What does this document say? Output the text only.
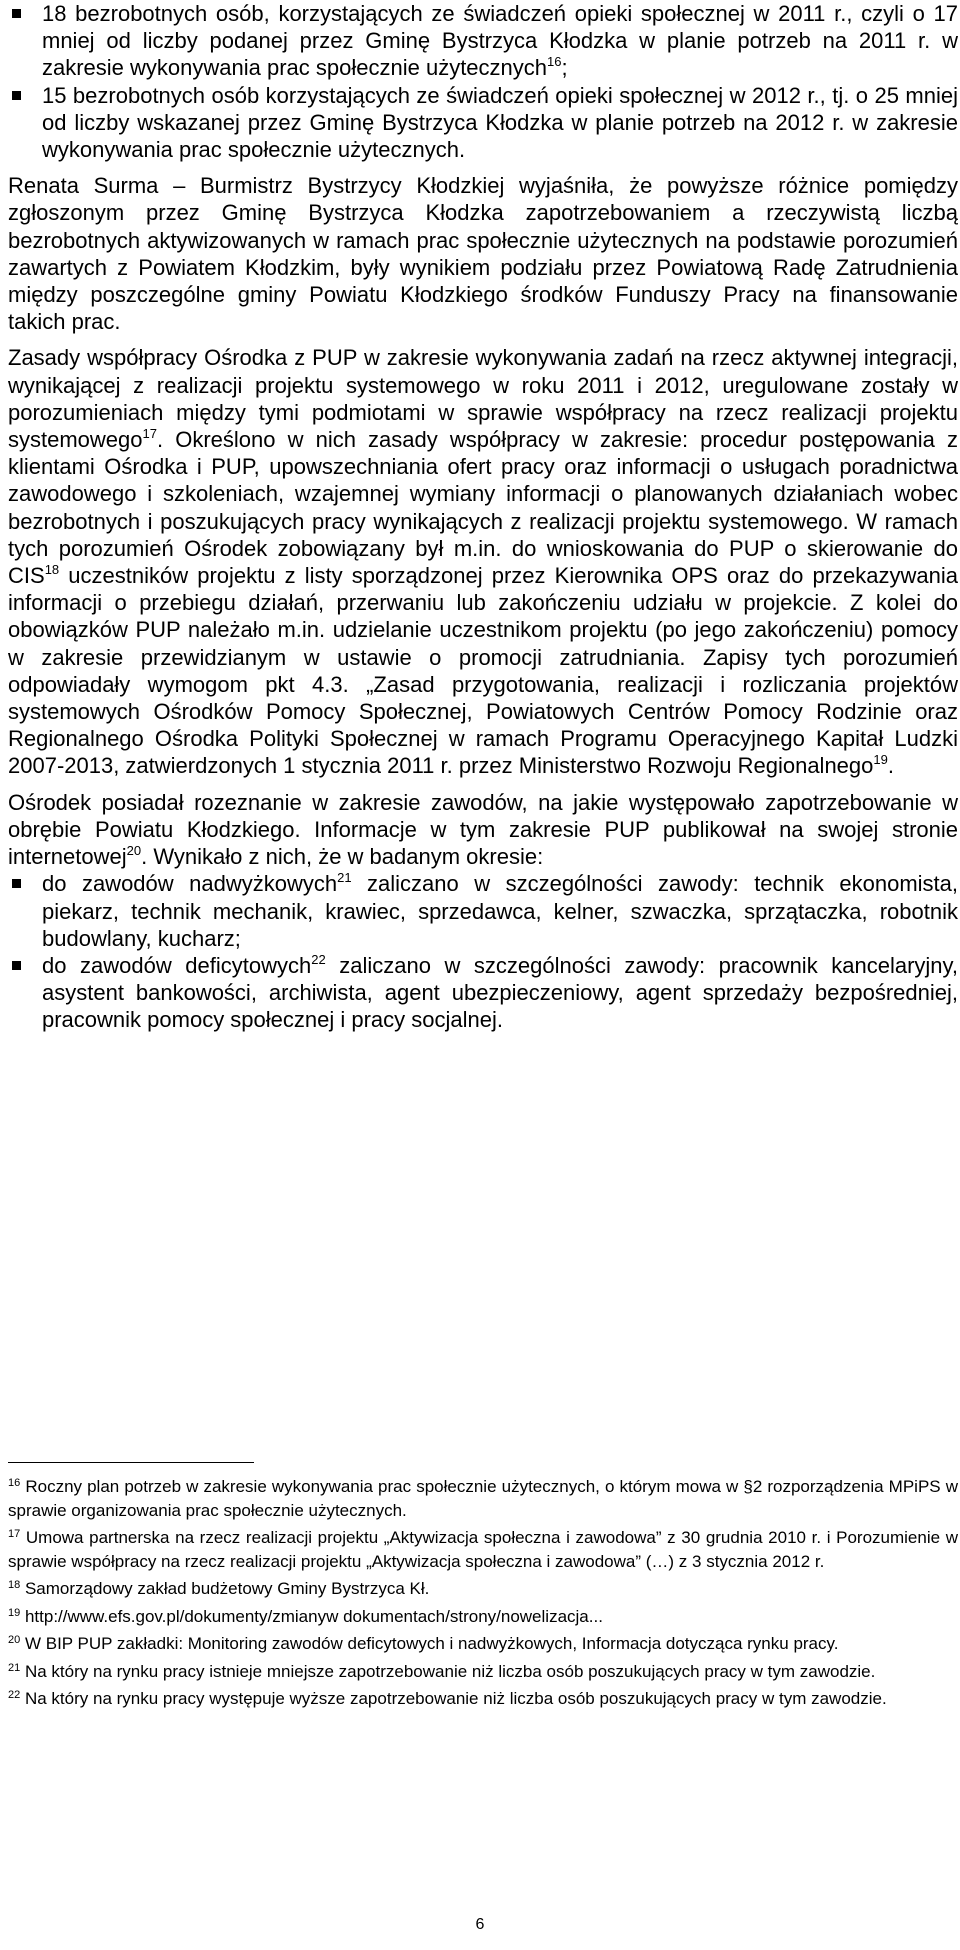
18 bezrobotnych osób, korzystających ze świadczeń opieki społecznej w 2011 r., czyli o 17 mniej od liczby podanej przez Gminę Bystrzyca Kłodzka w planie potrzeb na 2011 r. w zakresie wykonywania prac społecznie użytecznych$^{16}$;
15 bezrobotnych osób korzystających ze świadczeń opieki społecznej w 2012 r., tj. o 25 mniej od liczby wskazanej przez Gminę Bystrzyca Kłodzka w planie potrzeb na 2012 r. w zakresie wykonywania prac społecznie użytecznych.

Renata Surma – Burmistrz Bystrzycy Kłodzkiej wyjaśniła, że powyższe różnice pomiędzy zgłoszonym przez Gminę Bystrzyca Kłodzka zapotrzebowaniem a rzeczywistą liczbą bezrobotnych aktywizowanych w ramach prac społecznie użytecznych na podstawie porozumień zawartych z Powiatem Kłodzkim, były wynikiem podziału przez Powiatową Radę Zatrudnienia między poszczególne gminy Powiatu Kłodzkiego środków Funduszy Pracy na finansowanie takich prac.

Zasady współpracy Ośrodka z PUP w zakresie wykonywania zadań na rzecz aktywnej integracji, wynikającej z realizacji projektu systemowego w roku 2011 i 2012, uregulowane zostały w porozumieniach między tymi podmiotami w sprawie współpracy na rzecz realizacji projektu systemowego$^{17}$. Określono w nich zasady współpracy w zakresie: procedur postępowania z klientami Ośrodka i PUP, upowszechniania ofert pracy oraz informacji o usługach poradnictwa zawodowego i szkoleniach, wzajemnej wymiany informacji o planowanych działaniach wobec bezrobotnych i poszukujących pracy wynikających z realizacji projektu systemowego. W ramach tych porozumień Ośrodek zobowiązany był m.in. do wnioskowania do PUP o skierowanie do CIS$^{18}$ uczestników projektu z listy sporządzonej przez Kierownika OPS oraz do przekazywania informacji o przebiegu działań, przerwaniu lub zakończeniu udziału w projekcie. Z kolei do obowiązków PUP należało m.in. udzielanie uczestnikom projektu (po jego zakończeniu) pomocy w zakresie przewidzianym w ustawie o promocji zatrudniania. Zapisy tych porozumień odpowiadały wymogom pkt 4.3. „Zasad przygotowania, realizacji i rozliczania projektów systemowych Ośrodków Pomocy Społecznej, Powiatowych Centrów Pomocy Rodzinie oraz Regionalnego Ośrodka Polityki Społecznej w ramach Programu Operacyjnego Kapitał Ludzki 2007-2013, zatwierdzonych 1 stycznia 2011 r. przez Ministerstwo Rozwoju Regionalnego$^{19}$.

Ośrodek posiadał rozeznanie w zakresie zawodów, na jakie występowało zapotrzebowanie w obrębie Powiatu Kłodzkiego. Informacje w tym zakresie PUP publikował na swojej stronie internetowej$^{20}$. Wynikało z nich, że w badanym okresie:

do zawodów nadwyżkowych$^{21}$ zaliczano w szczególności zawody: technik ekonomista, piekarz, technik mechanik, krawiec, sprzedawca, kelner, szwaczka, sprzątaczka, robotnik budowlany, kucharz;
do zawodów deficytowych$^{22}$ zaliczano w szczególności zawody: pracownik kancelaryjny, asystent bankowości, archiwista, agent ubezpieczeniowy, agent sprzedaży bezpośredniej, pracownik pomocy społecznej i pracy socjalnej.

$^{16}$ Roczny plan potrzeb w zakresie wykonywania prac społecznie użytecznych, o którym mowa w §2 rozporządzenia MPiPS w sprawie organizowania prac społecznie użytecznych.

$^{17}$ Umowa partnerska na rzecz realizacji projektu „Aktywizacja społeczna i zawodowa” z 30 grudnia 2010 r. i Porozumienie w sprawie współpracy na rzecz realizacji projektu „Aktywizacja społeczna i zawodowa” (…) z 3 stycznia 2012 r.

$^{18}$ Samorządowy zakład budżetowy Gminy Bystrzyca Kł.

$^{19}$ http://www.efs.gov.pl/dokumenty/zmianyw dokumentach/strony/nowelizacja...

$^{20}$ W BIP PUP zakładki: Monitoring zawodów deficytowych i nadwyżkowych, Informacja dotycząca rynku pracy.

$^{21}$ Na który na rynku pracy istnieje mniejsze zapotrzebowanie niż liczba osób poszukujących pracy w tym zawodzie.

$^{22}$ Na który na rynku pracy występuje wyższe zapotrzebowanie niż liczba osób poszukujących pracy w tym zawodzie.

6
